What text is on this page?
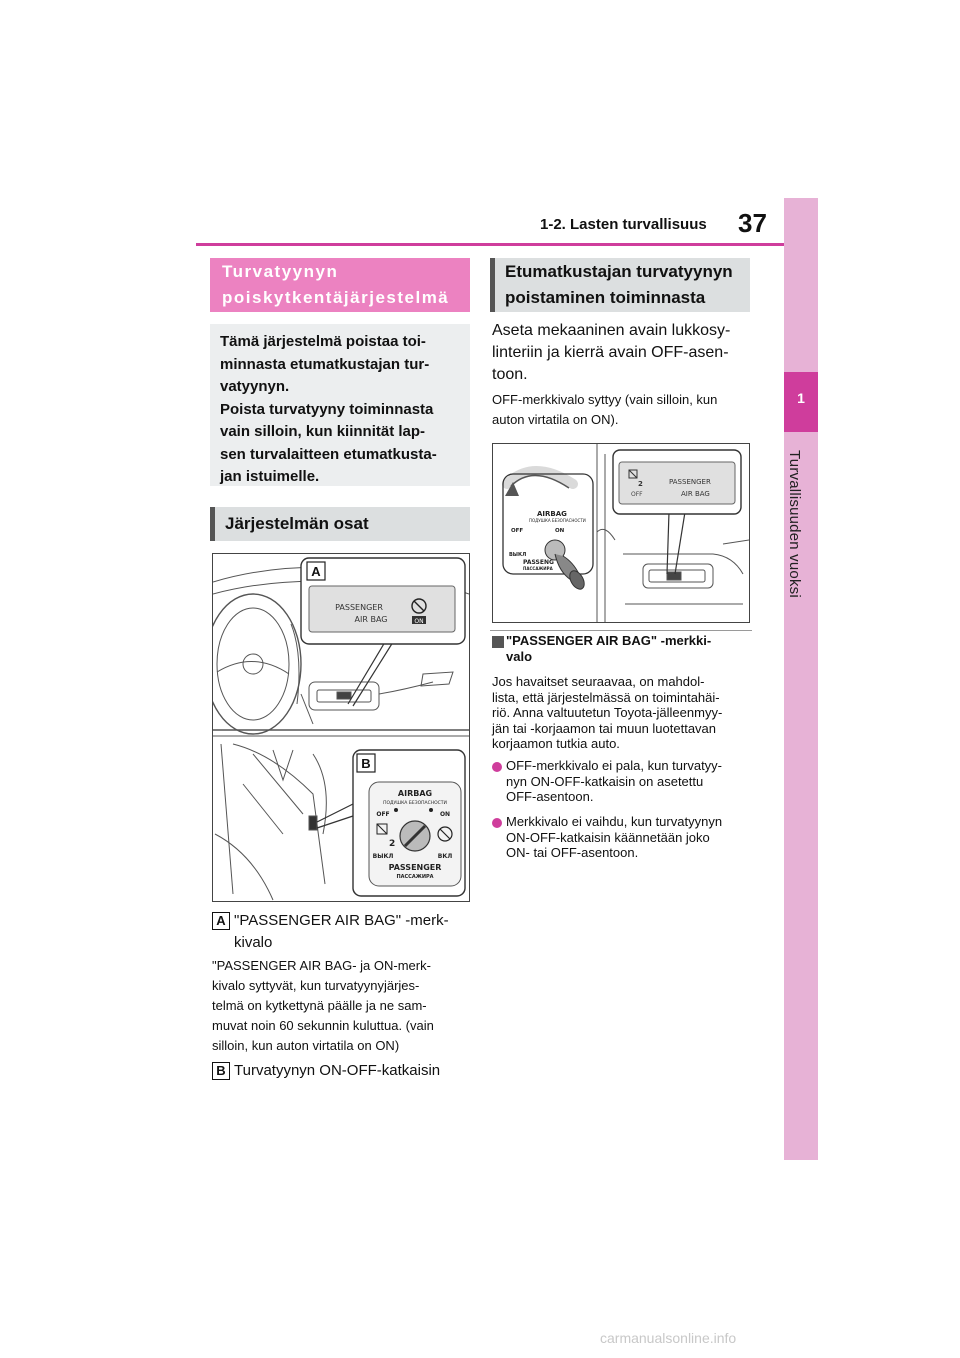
1-2. Lasten turvallisuus 37
1
Turvallisuuden vuoksi
Turvatyynyn poiskytkentäjärjestelmä
Tämä järjestelmä poistaa toi-
minnasta etumatkustajan tur-
vatyynyn.
Poista turvatyyny toiminnasta
vain silloin, kun kiinnität lap-
sen turvalaitteen etumatkusta-
jan istuimelle.
Järjestelmän osat
PASSENGER
AIR BAG	ON
A
B
AIRBAG
ПОДУШКА БЕЗОПАСНОСТИ
OFF	ON
2
ВЫКЛ	ВКЛ
PASSENGER
ПАССАЖИРА
A "PASSENGER AIR BAG" -merk-
kivalo
"PASSENGER AIR BAG- ja ON-merk-
kivalo syttyvät, kun turvatyynyjärjes-
telmä on kytkettynä päälle ja ne sam-
muvat noin 60 sekunnin kuluttua. (vain
silloin, kun auton virtatila on ON)
B Turvatyynyn ON-OFF-katkaisin
Etumatkustajan turvatyynyn
poistaminen toiminnasta
Aseta mekaaninen avain lukkosy-
linteriin ja kierrä avain OFF-asen-
toon.
OFF-merkkivalo syttyy (vain silloin, kun
auton virtatila on ON).
2
OFF
PASSENGER
AIR BAG
AIRBAG
ПОДУШКА БЕЗОПАСНОСТИ
OFF	ON
ВЫКЛ
PASSENG
ПАССАЖИРА
"PASSENGER AIR BAG" -merkki-
valo
Jos havaitset seuraavaa, on mahdol-
lista, että järjestelmässä on toimintahäi-
riö. Anna valtuutetun Toyota-jälleenmyy-
jän tai -korjaamon tai muun luotettavan
korjaamon tutkia auto.
OFF-merkkivalo ei pala, kun turvatyy-
nyn ON-OFF-katkaisin on asetettu
OFF-asentoon.
Merkkivalo ei vaihdu, kun turvatyynyn
ON-OFF-katkaisin käännetään joko
ON- tai OFF-asentoon.
carmanualsonline.info
